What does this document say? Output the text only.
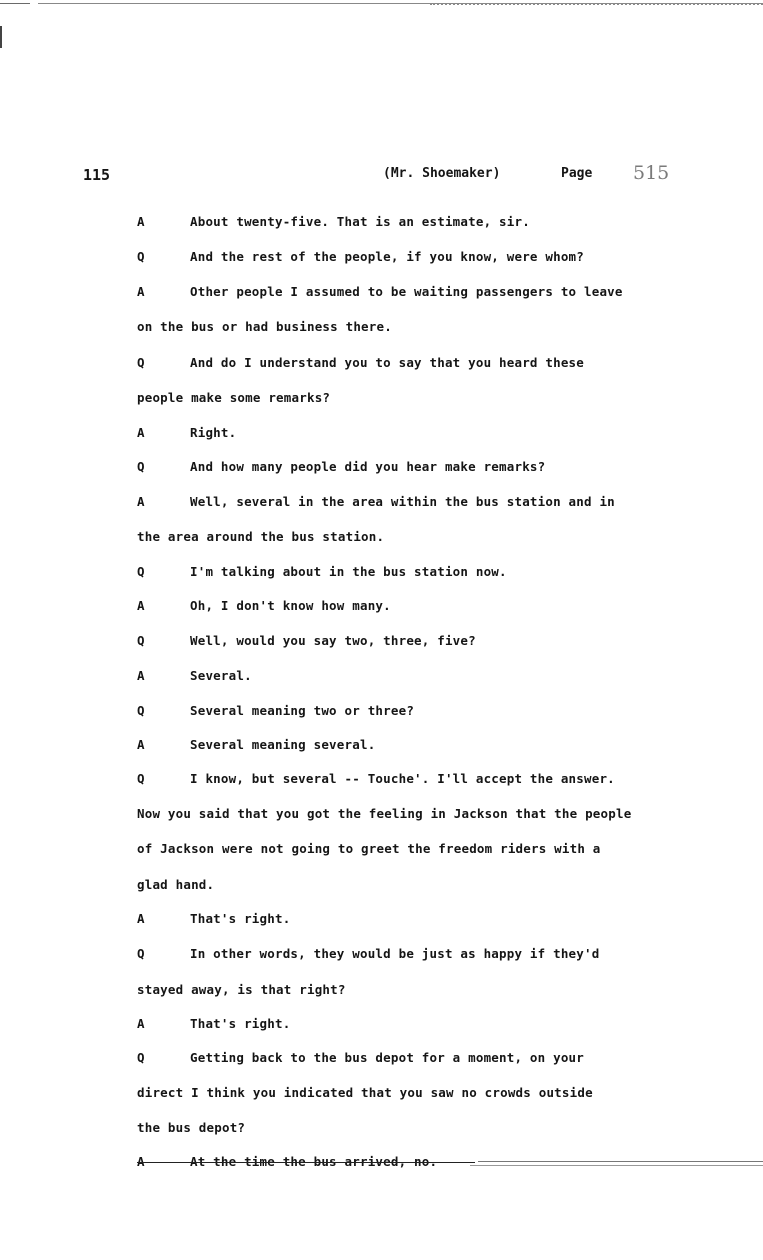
115	(Mr. Shoemaker)	Page 515
A	About twenty-five. That is an estimate, sir.
Q	And the rest of the people, if you know, were whom?
A	Other people I assumed to be waiting passengers to leave
on the bus or had business there.
Q	And do I understand you to say that you heard these
people make some remarks?
A	Right.
Q	And how many people did you hear make remarks?
A	Well, several in the area within the bus station and in
the area around the bus station.
Q	I'm talking about in the bus station now.
A	Oh, I don't know how many.
Q	Well, would you say two, three, five?
A	Several.
Q	Several meaning two or three?
A	Several meaning several.
Q	I know, but several -- Touche'. I'll accept the answer.
Now you said that you got the feeling in Jackson that the people
of Jackson were not going to greet the freedom riders with a
glad hand.
A	That's right.
Q	In other words, they would be just as happy if they'd
stayed away, is that right?
A	That's right.
Q	Getting back to the bus depot for a moment, on your
direct I think you indicated that you saw no crowds outside
the bus depot?
A	At the time the bus arrived, no.
